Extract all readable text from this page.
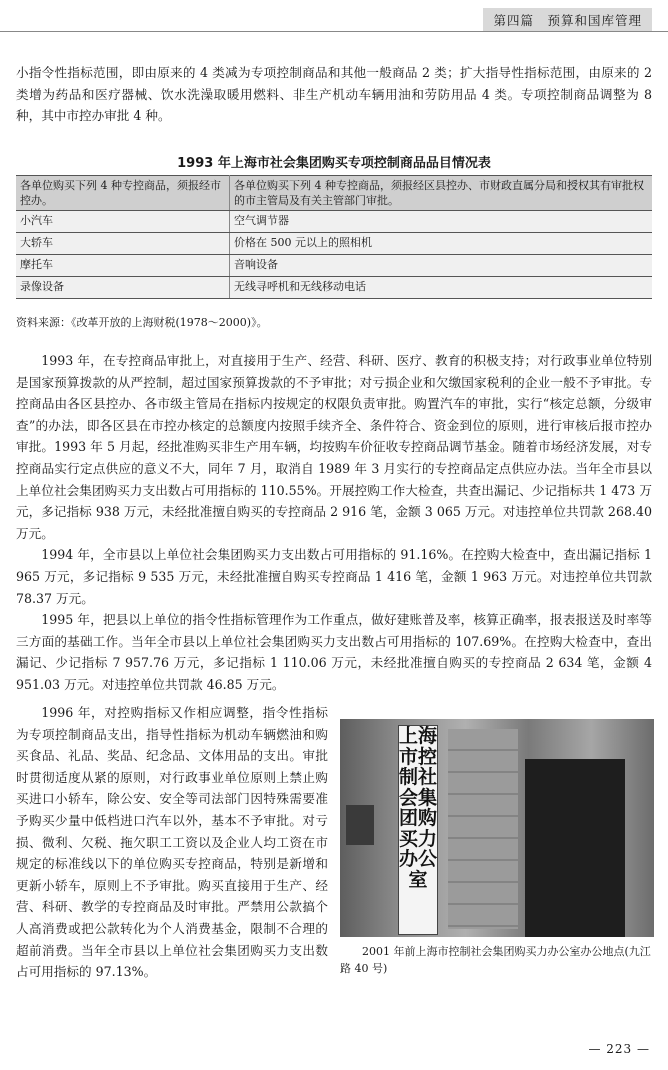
第四篇　预算和国库管理

小指令性指标范围，即由原来的 4 类减为专项控制商品和其他一般商品 2 类；扩大指导性指标范围，由原来的 2 类增为药品和医疗器械、饮水洗澡取暖用燃料、非生产机动车辆用油和劳防用品 4 类。专项控制商品调整为 8 种，其中市控办审批 4 种。

1993 年上海市社会集团购买专项控制商品品目情况表
各单位购买下列 4 种专控商品，须报经市控办。	各单位购买下列 4 种专控商品，须报经区县控办、市财政直属分局和授权其有审批权的市主管局及有关主管部门审批。
小汽车	空气调节器
大轿车	价格在 500 元以上的照相机
摩托车	音响设备
录像设备	无线寻呼机和无线移动电话
资料来源：《改革开放的上海财税(1978～2000)》。

1993 年，在专控商品审批上，对直接用于生产、经营、科研、医疗、教育的积极支持；对行政事业单位特别是国家预算拨款的从严控制，超过国家预算拨款的不予审批；对亏损企业和欠缴国家税利的企业一般不予审批。专控商品由各区县控办、各市级主管局在指标内按规定的权限负责审批。购置汽车的审批，实行“核定总额，分级审查”的办法，即各区县在市控办核定的总额度内按照手续齐全、条件符合、资金到位的原则，进行审核后报市控办审批。1993 年 5 月起，经批准购买非生产用车辆，均按购车价征收专控商品调节基金。随着市场经济发展，对专控商品实行定点供应的意义不大，同年 7 月，取消自 1989 年 3 月实行的专控商品定点供应办法。当年全市县以上单位社会集团购买力支出数占可用指标的 110.55%。开展控购工作大检查，共查出漏记、少记指标共 1 473 万元，多记指标 938 万元，未经批准擅自购买的专控商品 2 916 笔，金额 3 065 万元。对违控单位共罚款 268.40 万元。

1994 年，全市县以上单位社会集团购买力支出数占可用指标的 91.16%。在控购大检查中，查出漏记指标 1 965 万元，多记指标 9 535 万元，未经批准擅自购买专控商品 1 416 笔，金额 1 963 万元。对违控单位共罚款 78.37 万元。

1995 年，把县以上单位的指令性指标管理作为工作重点，做好建账普及率，核算正确率，报表报送及时率等三方面的基础工作。当年全市县以上单位社会集团购买力支出数占可用指标的 107.69%。在控购大检查中，查出漏记、少记指标 7 957.76 万元，多记指标 1 110.06 万元，未经批准擅自购买的专控商品 2 634 笔，金额 4 951.03 万元。对违控单位共罚款 46.85 万元。

1996 年，对控购指标又作相应调整，指令性指标为专项控制商品支出，指导性指标为机动车辆燃油和购买食品、礼品、奖品、纪念品、文体用品的支出。审批时贯彻适度从紧的原则，对行政事业单位原则上禁止购买进口小轿车，除公安、安全等司法部门因特殊需要准予购买少量中低档进口汽车以外，基本不予审批。对亏损、微利、欠税、拖欠职工工资以及企业人均工资在市规定的标准线以下的单位购买专控商品，特别是新增和更新小轿车，原则上不予审批。购买直接用于生产、经营、科研、教学的专控商品及时审批。严禁用公款搞个人高消费或把公款转化为个人消费基金，限制不合理的超前消费。当年全市县以上单位社会集团购买力支出数占可用指标的 97.13%。

上海市控制社会集团购买力办公室
2001 年前上海市控制社会集团购买力办公室办公地点(九江路 40 号)
— 223 —
